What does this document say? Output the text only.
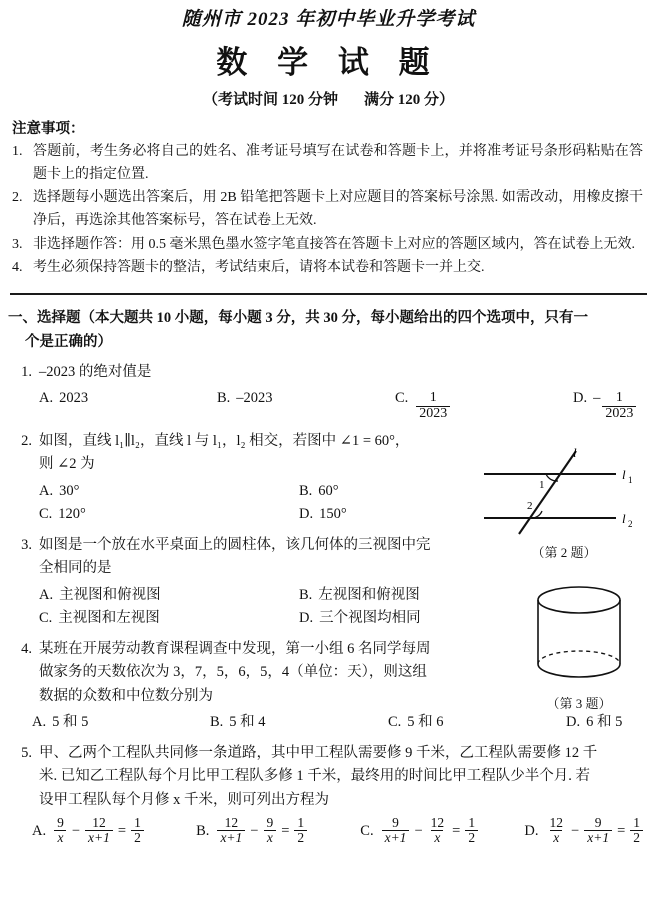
随州市 2023 年初中毕业升学考试
数 学 试 题
（考试时间 120 分钟 满分 120 分）
注意事项：
1. 答题前，考生务必将自己的姓名、准考证号填写在试卷和答题卡上，并将准考证号条形码粘贴在答题卡上的指定位置.
2. 选择题每小题选出答案后，用 2B 铅笔把答题卡上对应题目的答案标号涂黑. 如需改动，用橡皮擦干净后，再选涂其他答案标号，答在试卷上无效.
3. 非选择题作答：用 0.5 毫米黑色墨水签字笔直接答在答题卡上对应的答题区域内，答在试卷上无效.
4. 考生必须保持答题卡的整洁，考试结束后，请将本试卷和答题卡一并上交.
一、选择题（本大题共 10 小题，每小题 3 分，共 30 分，每小题给出的四个选项中，只有一
个是正确的）
1. –2023 的绝对值是
A. 2023	B. –2023	C. $\frac{1}{2023}$	D. – $\frac{1}{2023}$
2. 如图，直线 l₁∥l₂，直线 l 与 l₁，l₂ 相交，若图中 ∠1 = 60°，
则 ∠2 为
A. 30°	B. 60°
C. 120°	D. 150°
l
l 1
l 2
1
2
（第 2 题）
3. 如图是一个放在水平桌面上的圆柱体，该几何体的三视图中完
全相同的是
A. 主视图和俯视图	B. 左视图和俯视图
C. 主视图和左视图	D. 三个视图均相同
（第 3 题）
4. 某班在开展劳动教育课程调查中发现，第一小组 6 名同学每周
做家务的天数依次为 3，7，5，6，5，4（单位：天），则这组
数据的众数和中位数分别为
A. 5 和 5	B. 5 和 4	C. 5 和 6	D. 6 和 5
5. 甲、乙两个工程队共同修一条道路，其中甲工程队需要修 9 千米，乙工程队需要修 12 千
米. 已知乙工程队每个月比甲工程队多修 1 千米，最终用的时间比甲工程队少半个月. 若
设甲工程队每个月修 x 千米，则可列出方程为
A. $\frac{9}{x} - \frac{12}{x+1} = \frac{1}{2}$	B. $\frac{12}{x+1} - \frac{9}{x} = \frac{1}{2}$	C. $\frac{9}{x+1} - \frac{12}{x} = \frac{1}{2}$	D. $\frac{12}{x} - \frac{9}{x+1} = \frac{1}{2}$
